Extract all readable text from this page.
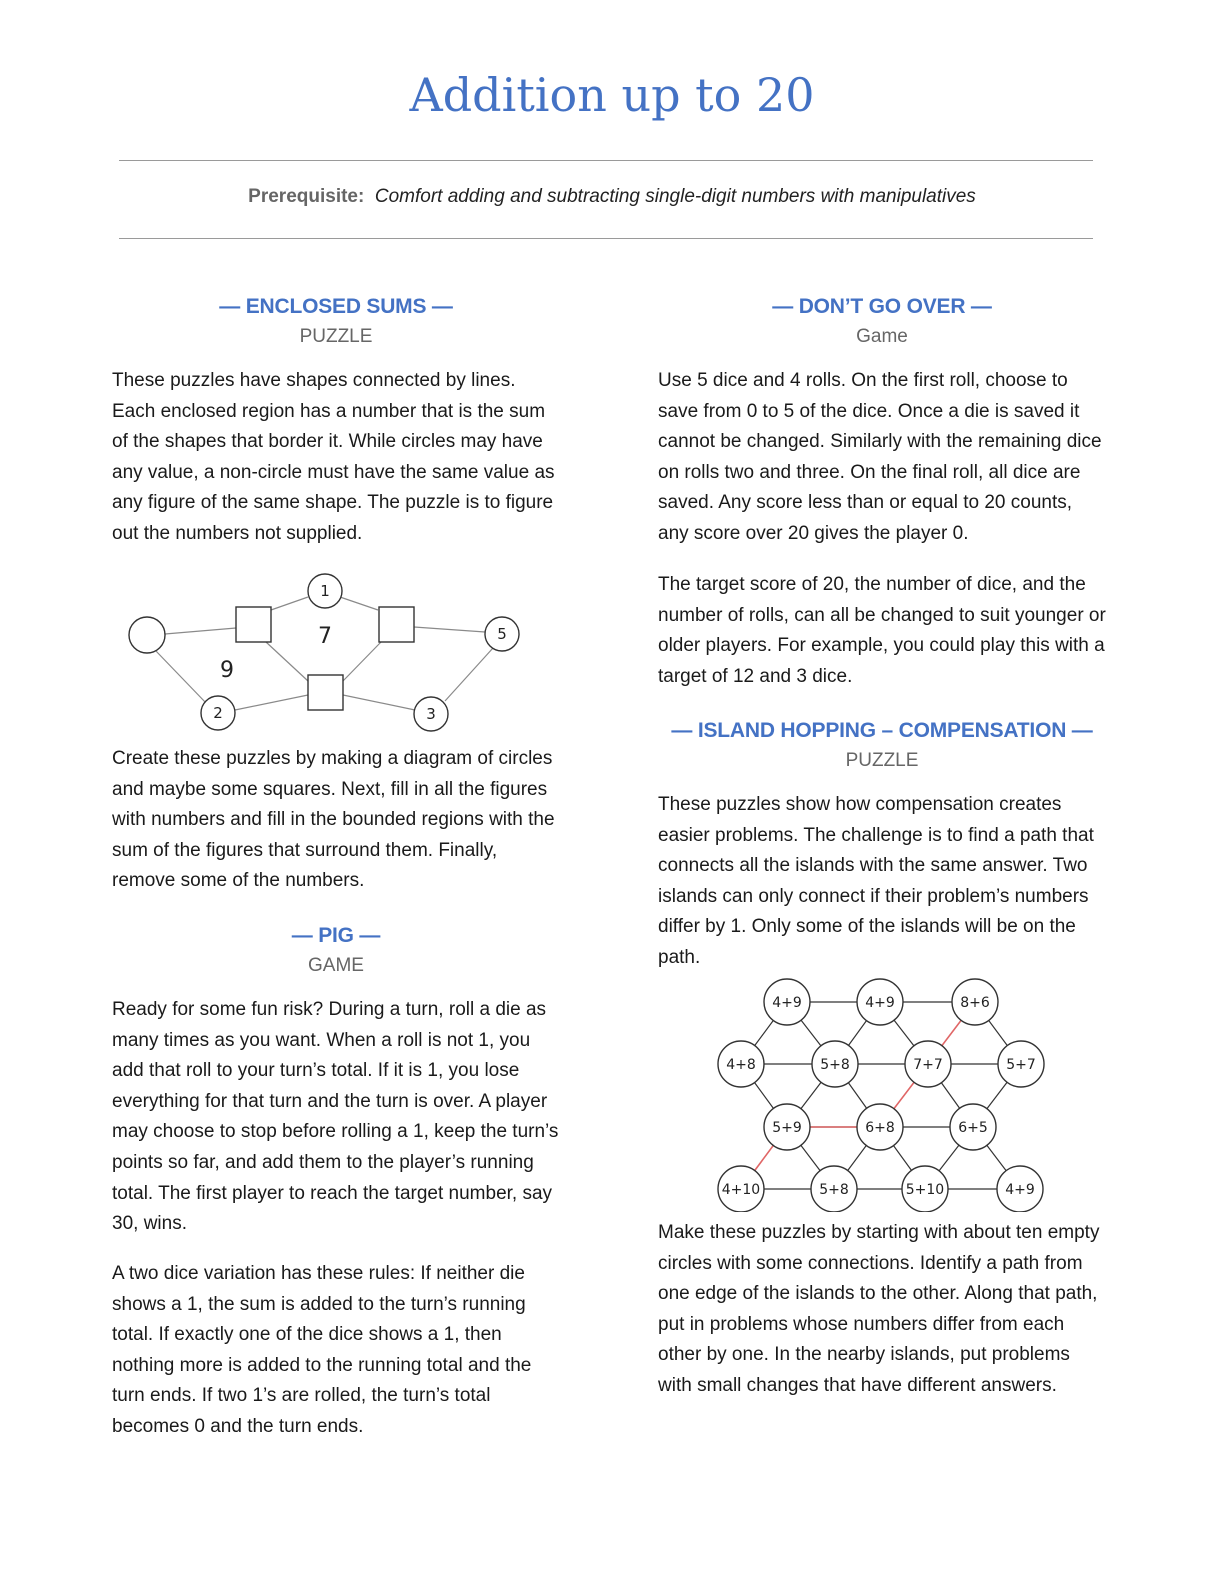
Addition up to 20
Prerequisite: Comfort adding and subtracting single-digit numbers with manipulatives
— ENCLOSED SUMS —
PUZZLE

These puzzles have shapes connected by lines. Each enclosed region has a number that is the sum of the shapes that border it. While circles may have any value, a non-circle must have the same value as any figure of the same shape. The puzzle is to figure out the numbers not supplied.

1
5
2	3
7
9

Create these puzzles by making a diagram of circles and maybe some squares. Next, fill in all the figures with numbers and fill in the bounded regions with the sum of the figures that surround them. Finally, remove some of the numbers.

— PIG —
GAME

Ready for some fun risk? During a turn, roll a die as many times as you want. When a roll is not 1, you add that roll to your turn’s total. If it is 1, you lose everything for that turn and the turn is over. A player may choose to stop before rolling a 1, keep the turn’s points so far, and add them to the player’s running total. The first player to reach the target number, say 30, wins.

A two dice variation has these rules: If neither die shows a 1, the sum is added to the turn’s running total. If exactly one of the dice shows a 1, then nothing more is added to the running total and the turn ends. If two 1’s are rolled, the turn’s total becomes 0 and the turn ends.

— DON’T GO OVER —
Game

Use 5 dice and 4 rolls. On the first roll, choose to save from 0 to 5 of the dice. Once a die is saved it cannot be changed. Similarly with the remaining dice on rolls two and three. On the final roll, all dice are saved. Any score less than or equal to 20 counts, any score over 20 gives the player 0.

The target score of 20, the number of dice, and the number of rolls, can all be changed to suit younger or older players. For example, you could play this with a target of 12 and 3 dice.

— ISLAND HOPPING – COMPENSATION —
PUZZLE

These puzzles show how compensation creates easier problems. The challenge is to find a path that connects all the islands with the same answer. Two islands can only connect if their problem’s numbers differ by 1. Only some of the islands will be on the path.

4+9	4+9	8+6
4+8	5+8	7+7	5+7
5+9	6+8	6+5
4+10	5+8	5+10	4+9

Make these puzzles by starting with about ten empty circles with some connections. Identify a path from one edge of the islands to the other. Along that path, put in problems whose numbers differ from each other by one. In the nearby islands, put problems with small changes that have different answers.
